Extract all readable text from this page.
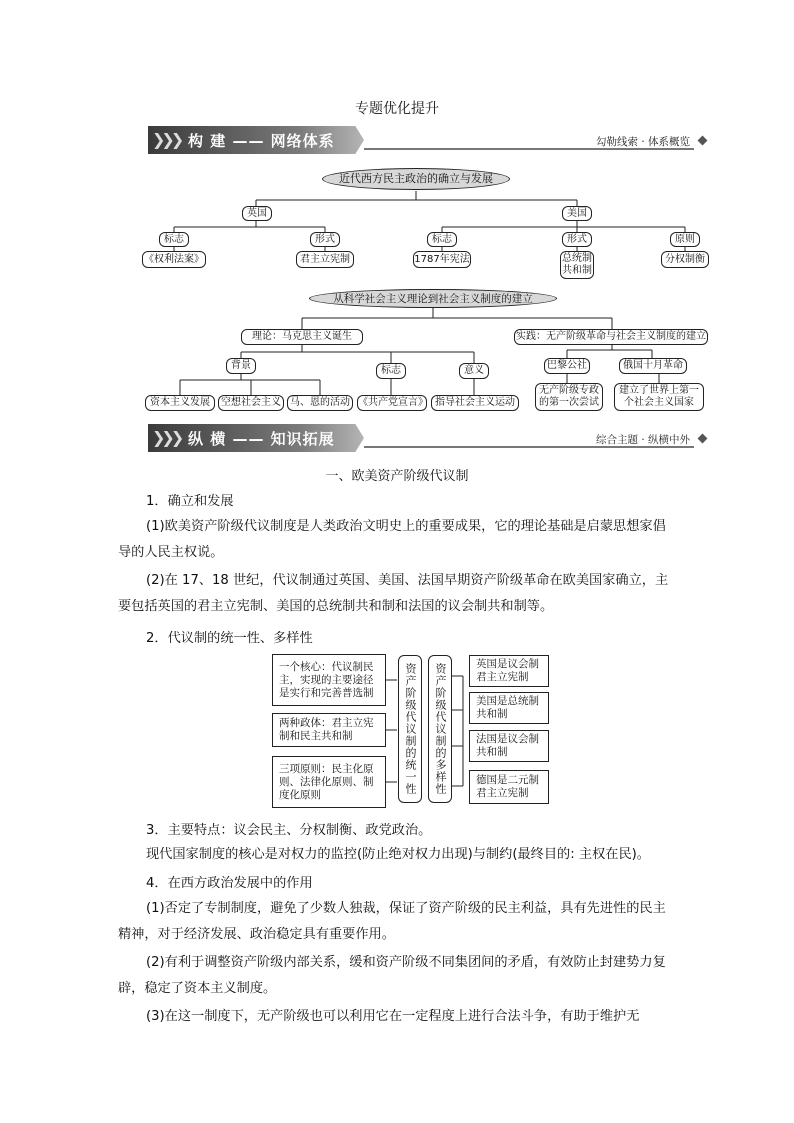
专题优化提升
❯❯❯ 构 建 —— 网络体系	勾勒线索 · 体系概览
近代西方民主政治的确立与发展
英国	美国
标志	形式	标志	形式	原则
《权利法案》	君主立宪制	1787年宪法	总统制共和制
分权制衡
从科学社会主义理论到社会主义制度的建立
理论：马克思主义诞生	实践：无产阶级革命与社会主义制度的建立
背景	标志	意义
资本主义发展	空想社会主义 马、恩的活动 《共产党宣言》 指导社会主义运动
巴黎公社	俄国十月革命
无产阶级专政的第一次尝试
建立了世界上第一个社会主义国家
❯❯❯ 纵 横 —— 知识拓展	综合主题 · 纵横中外
一、欧美资产阶级代议制
1．确立和发展
(1)欧美资产阶级代议制度是人类政治文明史上的重要成果，它的理论基础是启蒙思想家倡导的人民主权说。
(2)在 17、18 世纪，代议制通过英国、美国、法国早期资产阶级革命在欧美国家确立，主要包括英国的君主立宪制、美国的总统制共和制和法国的议会制共和制等。
2．代议制的统一性、多样性
一个核心：代议制民主，实现的主要途径是实行和完善普选制
两种政体：君主立宪制和民主共和制
三项原则：民主化原则、法律化原则、制度化原则	资产阶级代议制的统一性	资产阶级代议制的多样性	英国是议会制君主立宪制
美国是总统制共和制
法国是议会制共和制
德国是二元制君主立宪制
3．主要特点：议会民主、分权制衡、政党政治。
现代国家制度的核心是对权力的监控(防止绝对权力出现)与制约(最终目的: 主权在民)。
4．在西方政治发展中的作用
(1)否定了专制制度，避免了少数人独裁，保证了资产阶级的民主利益，具有先进性的民主精神，对于经济发展、政治稳定具有重要作用。
(2)有利于调整资产阶级内部关系，缓和资产阶级不同集团间的矛盾，有效防止封建势力复辟，稳定了资本主义制度。
(3)在这一制度下，无产阶级也可以利用它在一定程度上进行合法斗争，有助于维护无
